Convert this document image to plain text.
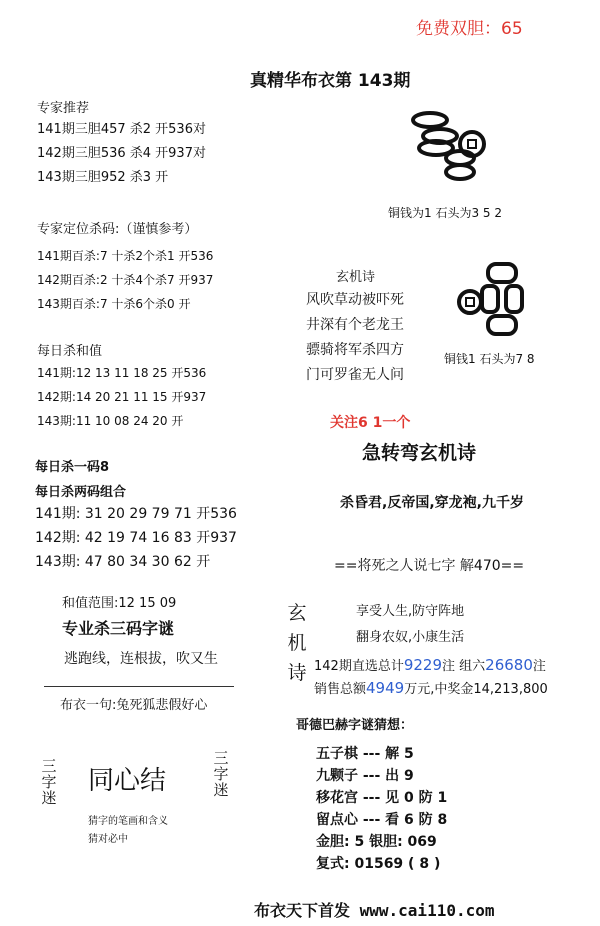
免费双胆：65
真精华布衣第 143期
专家推荐
141期三胆457 杀2 开536对
142期三胆536 杀4 开937对
143期三胆952 杀3 开
专家定位杀码:（谨慎参考）
141期百杀:7 十杀2个杀1 开536
142期百杀:2 十杀4个杀7 开937
143期百杀:7 十杀6个杀0 开
每日杀和值
141期:12 13 11 18 25 开536
142期:14 20 21 11 15 开937
143期:11 10 08 24 20 开
每日杀一码8
每日杀两码组合
141期: 31 20 29 79 71 开536
142期: 42 19 74 16 83 开937
143期: 47 80 34 30 62 开
和值范围:12 15 09
专业杀三码字谜
逃跑线，连根拔，吹又生
布衣一句:兔死狐悲假好心
三字迷
同心结
三字迷
猜字的笔画和含义
猜对必中
铜钱为1 石头为3 5 2
玄机诗
风吹草动被吓死
井深有个老龙王
骠骑将军杀四方
门可罗雀无人问
铜钱1 石头为7 8
关注6 1一个
急转弯玄机诗
杀昏君,反帝国,穿龙袍,九千岁
==将死之人说七字 解470==
玄机诗
享受人生,防守阵地
翻身农奴,小康生活
142期直选总计9229注 组六26680注
销售总额4949万元,中奖金14,213,800
哥德巴赫字谜猜想：
五子棋 --- 解 5
九颗子 --- 出 9
移花宫 --- 见 0 防 1
留点心 --- 看 6 防 8
金胆: 5 银胆: 069
复式: 01569 ( 8 )
布衣天下首发 www.cai110.com
